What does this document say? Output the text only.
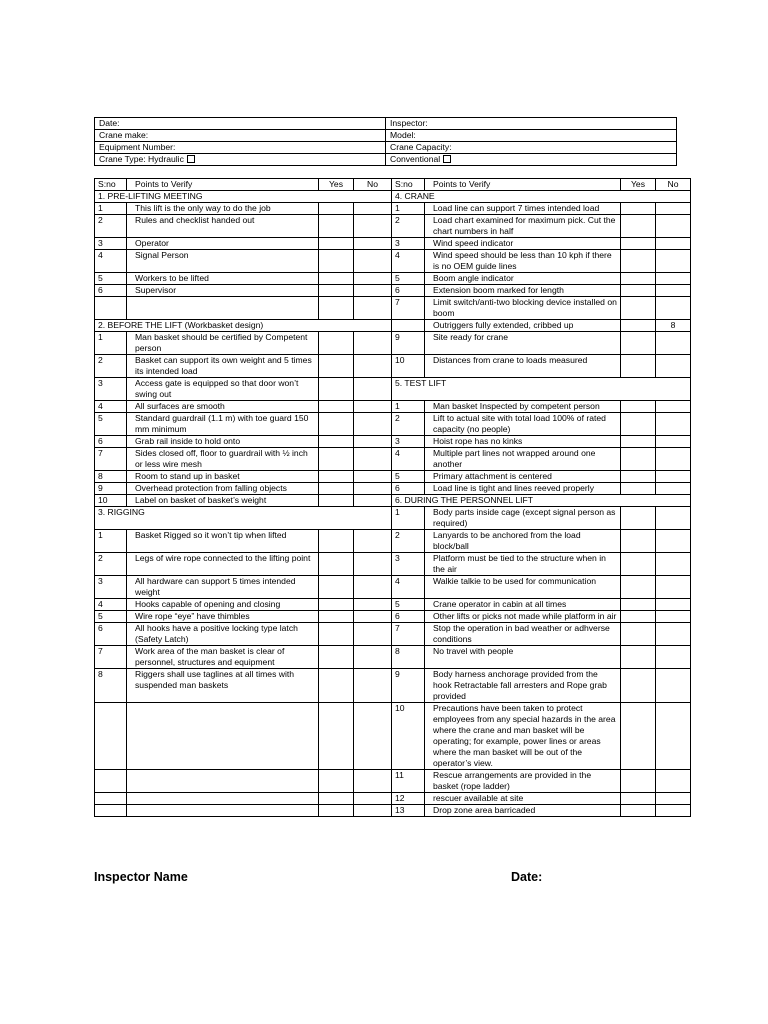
Date:	Inspector:
Crane make:	Model:
Equipment Number:	Crane Capacity:
Crane Type: Hydraulic	Conventional
S:no	Points to Verify	Yes	No	S:no	Points to Verify	Yes	No
1. PRE-LIFTING MEETING				4. CRANE			
1	This lift is the only way to do the job			1	Load line can support 7 times intended load		
2	Rules and checklist handed out			2	Load chart examined for maximum pick. Cut the chart numbers in half		
3	Operator			3	Wind speed indicator		
4	Signal Person			4	Wind speed should be less than 10 kph if there is no OEM guide lines		
5	Workers to be lifted			5	Boom angle indicator		
6	Supervisor			6	Extension boom marked for length		
				7	Limit switch/anti-two blocking device installed on boom		
2. BEFORE THE LIFT (Workbasket design)					Outriggers fully extended, cribbed up		8
1	Man basket should be certified by Competent person			9	Site ready for crane		
2	Basket can support its own weight and 5 times its intended load			10	Distances from crane to loads measured		
3	Access gate is equipped so that door won’t swing out			5. TEST LIFT			
4	All surfaces are smooth			1	Man basket Inspected by competent person		
5	Standard guardrail (1.1 m) with toe guard 150 mm minimum			2	Lift to actual site with total load 100% of rated capacity (no people)		
6	Grab rail inside to hold onto			3	Hoist rope has no kinks		
7	Sides closed off, floor to guardrail with ½ inch or less wire mesh			4	Multiple part lines not wrapped around one another		
8	Room to stand up in basket			5	Primary attachment is centered		
9	Overhead protection from falling objects			6	Load line is tight and lines reeved properly		
10	Label on basket of basket’s weight			6. DURING THE PERSONNEL LIFT			
3. RIGGING				1	Body parts inside cage (except signal person as required)		
1	Basket Rigged so it won’t tip when lifted			2	Lanyards to be anchored from the load block/ball		
2	Legs of wire rope connected to the lifting point			3	Platform must be tied to the structure when in the air		
3	All hardware can support 5 times intended weight			4	Walkie talkie to be used for communication		
4	Hooks capable of opening and closing			5	Crane operator in cabin at all times		
5	Wire rope “eye” have thimbles			6	Other lifts or picks not made while platform in air		
6	All hooks have a positive locking type latch (Safety Latch)			7	Stop the operation in bad weather or adhverse conditions		
7	Work area of the man basket is clear of personnel, structures and equipment			8	No travel with people		
8	Riggers shall use taglines at all times with suspended man baskets			9	Body harness anchorage provided from the hook Retractable fall arresters and Rope grab provided		
				10	Precautions have been taken to protect employees from any special hazards in the area where the crane and man basket will be operating; for example, power lines or areas where the man basket will be out of the operator’s view.		
				11	Rescue arrangements are provided in the basket (rope ladder)		
				12	rescuer available at site		
				13	Drop zone area barricaded		
Inspector Name	Date:
